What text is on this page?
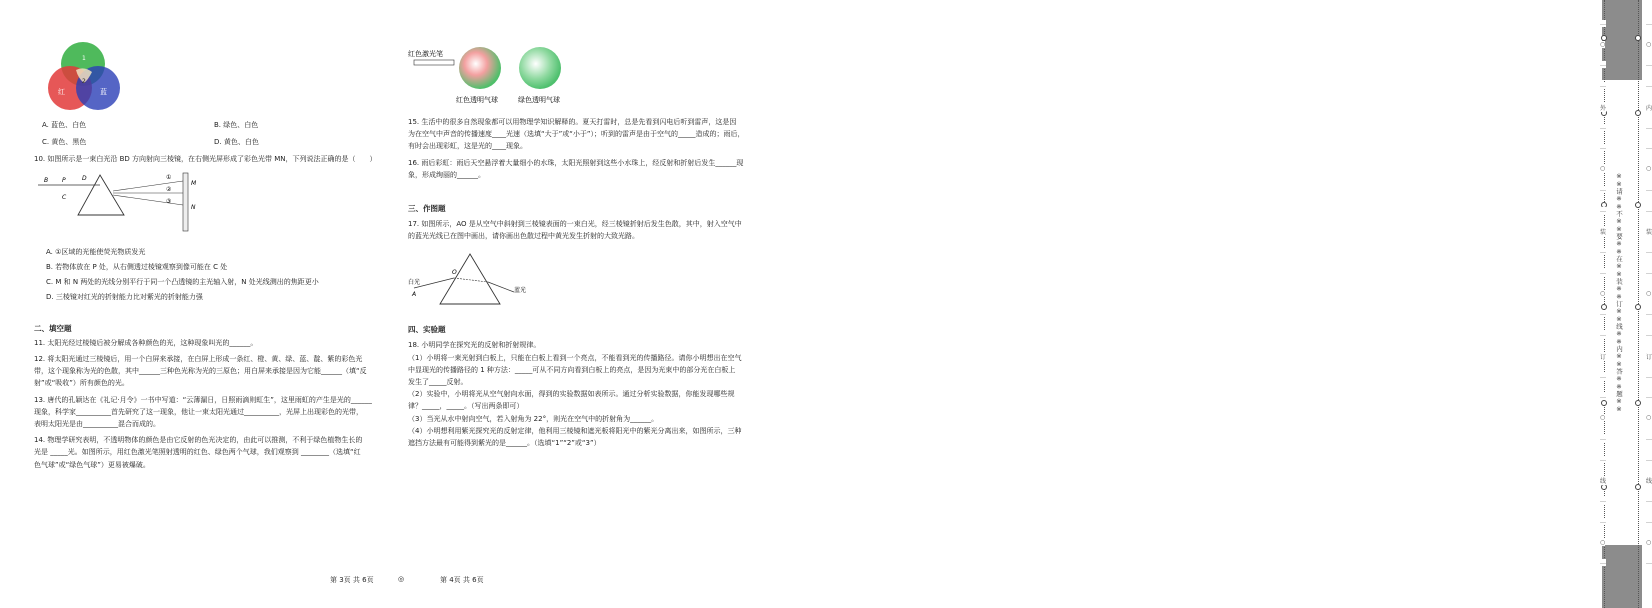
1
红	蓝
2
A. 蓝色、白色	B. 绿色、白色
C. 黄色、黑色	D. 黄色、白色
10. 如图所示是一束白光沿 BD 方向射向三棱镜，在右侧光屏形成了彩色光带 MN，下列说法正确的是（　　）
B P	D
C
①
②
③
M
N
A. ①区域的光能使荧光物质发光
B. 若物体放在 P 处，从右侧透过棱镜观察到像可能在 C 处
C. M 和 N 两处的光线分别平行于同一个凸透镜的主光轴入射，N 处光线测出的焦距更小
D. 三棱镜对红光的折射能力比对紫光的折射能力强
二、填空题
11. 太阳光经过棱镜后被分解成各种颜色的光，这种现象叫光的______。
12. 将太阳光通过三棱镜后，用一个白屏来承接，在白屏上形成一条红、橙、黄、绿、蓝、靛、紫的彩色光
带，这个现象称为光的色散，其中______三种色光称为光的三原色；用白屏来承接是因为它能______（填“反
射”或“吸收”）所有颜色的光。
13. 唐代的孔颖达在《礼记·月令》一书中写道：“云薄漏日，日照雨滴则虹生”，这里雨虹的产生是光的______
现象，科学家__________首先研究了这一现象，他让一束太阳光通过__________，光屏上出现彩色的光带，
表明太阳光是由__________混合而成的。
14. 物理学研究表明，不透明物体的颜色是由它反射的色光决定的，由此可以推测，不利于绿色植物生长的
光是 _____光。如图所示，用红色激光笔照射透明的红色、绿色两个气球，我们观察到 ________（选填“红
色气球”或“绿色气球”）更易被爆破。
红色激光笔
红色透明气球	绿色透明气球
15. 生活中的很多自然现象都可以用物理学知识解释的。夏天打雷时，总是先看到闪电后听到雷声，这是因
为在空气中声音的传播速度____光速（选填“大于”或“小于”）；听到的雷声是由于空气的_____造成的；雨后，
有时会出现彩虹，这是光的____现象。
16. 雨后彩虹：雨后天空悬浮着大量细小的水珠，太阳光照射到这些小水珠上，经反射和折射后发生______现
象，形成绚丽的______。
三、作图题
17. 如图所示，AO 是从空气中斜射到三棱镜表面的一束白光，经三棱镜折射后发生色散，其中，射入空气中
的蓝光光线已在图中画出，请你画出色散过程中黄光发生折射的大致光路。
白光
A
O
蓝光
四、实验题
18. 小明同学在探究光的反射和折射规律。
（1）小明将一束光射到白板上，只能在白板上看到一个亮点，不能看到光的传播路径。请你小明想出在空气
中显现光的传播路径的 1 种方法：_____可从不同方向看到白板上的亮点，是因为光束中的部分光在白板上
发生了_____反射。
（2）实验中，小明将光从空气射向水面，得到的实验数据如表所示。通过分析实验数据，你能发现哪些规
律？_____，_____。（写出两条即可）
（3）当光从水中射向空气，若入射角为 22°，则光在空气中的折射角为______。
（4）小明想利用紫光探究光的反射定律，他利用三棱镜和遮光板将阳光中的紫光分离出来，如图所示，三种
遮挡方法最有可能得到紫光的是______。（选填“1”“2”或“3”）
第 3页 共 6页	◎	第 4页 共 6页
※※请※※不※※要※※在※※装※※订※※线※※内※※答※※题※※
…
○
…
…
外
…
…
○
…
…
装
…
…
○
…
…
订
…
…
○
…
…
线
…
…
○
…
…
○
…
…
内
…
…
○
…
…
装
…
…
○
…
…
订
…
…
○
…
…
线
…
…
○
…
